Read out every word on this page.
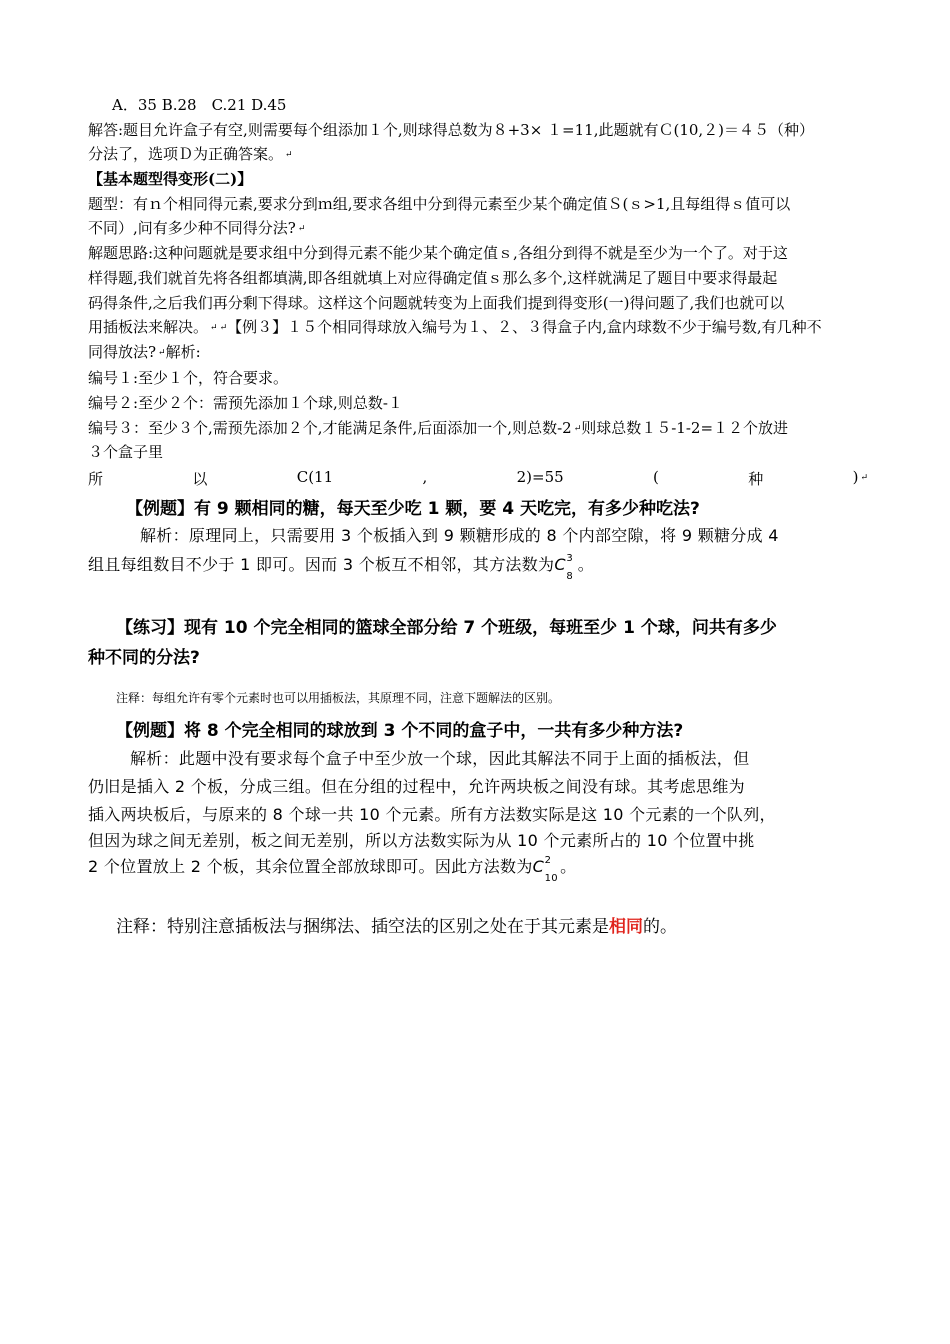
A．35 B.28　C.21 D.45
解答:题目允许盒子有空,则需要每个组添加１个,则球得总数为８+3× １=11,此题就有Ｃ(10,２)＝４５（种）
分法了，选项Ｄ为正确答案。 ↵
【基本题型得变形(二)】
题型：有ｎ个相同得元素,要求分到ｍ组,要求各组中分到得元素至少某个确定值Ｓ(ｓ>1,且每组得ｓ值可以
不同）,问有多少种不同得分法? ↵
解题思路:这种问题就是要求组中分到得元素不能少某个确定值ｓ,各组分到得不就是至少为一个了。对于这
样得题,我们就首先将各组都填满,即各组就填上对应得确定值ｓ那么多个,这样就满足了题目中要求得最起
码得条件,之后我们再分剩下得球。这样这个问题就转变为上面我们提到得变形(一)得问题了,我们也就可以
用插板法来解决。 ↵ ↵【例３】１５个相同得球放入编号为１、２、３得盒子内,盒内球数不少于编号数,有几种不
同得放法? ↵解析:
编号１:至少１个，符合要求。
编号２:至少２个：需预先添加１个球,则总数-１
编号３：至少３个,需预先添加２个,才能满足条件,后面添加一个,则总数-2 ↵则球总数１５-1-2=１２个放进
３个盒子里
所	以	C(11	,	2)=55	(	种	) ↵
【例题】有 9 颗相同的糖，每天至少吃 1 颗，要 4 天吃完，有多少种吃法?
解析：原理同上，只需要用 3 个板插入到 9 颗糖形成的 8 个内部空隙，将 9 颗糖分成 4
组且每组数目不少于 1 即可。因而 3 个板互不相邻，其方法数为C 3
8
。
【练习】现有 10 个完全相同的篮球全部分给 7 个班级，每班至少 1 个球，问共有多少
种不同的分法?
注释：每组允许有零个元素时也可以用插板法，其原理不同，注意下题解法的区别。
【例题】将 8 个完全相同的球放到 3 个不同的盒子中，一共有多少种方法?
解析：此题中没有要求每个盒子中至少放一个球，因此其解法不同于上面的插板法，但
仍旧是插入 2 个板，分成三组。但在分组的过程中，允许两块板之间没有球。其考虑思维为
插入两块板后，与原来的 8 个球一共 10 个元素。所有方法数实际是这 10 个元素的一个队列，
但因为球之间无差别，板之间无差别，所以方法数实际为从 10 个元素所占的 10 个位置中挑
2 个位置放上 2 个板，其余位置全部放球即可。因此方法数为C 2
10
。
注释：特别注意插板法与捆绑法、插空法的区别之处在于其元素是相同的。
